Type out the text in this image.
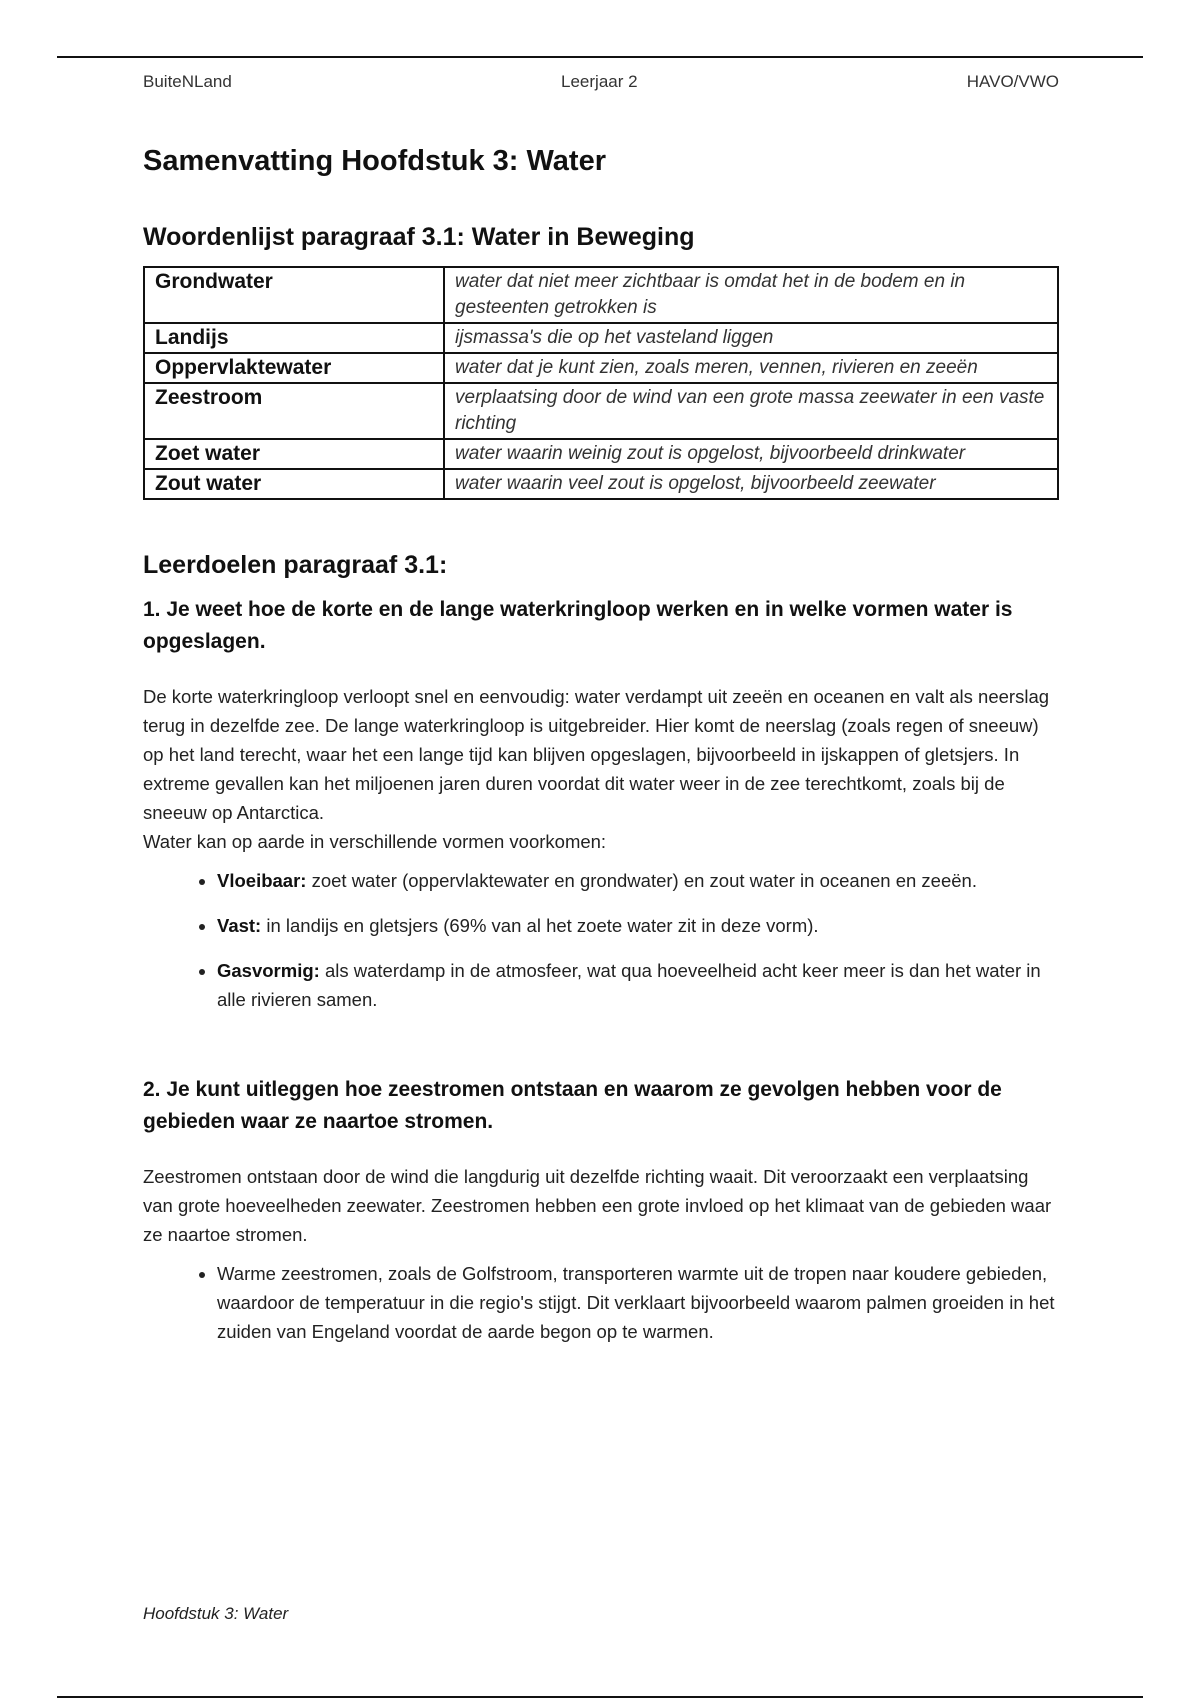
BuiteNLand	Leerjaar 2	HAVO/VWO
Samenvatting Hoofdstuk 3: Water
Woordenlijst paragraaf 3.1: Water in Beweging
Grondwater	water dat niet meer zichtbaar is omdat het in de bodem en in gesteenten getrokken is
Landijs	ijsmassa's die op het vasteland liggen
Oppervlaktewater	water dat je kunt zien, zoals meren, vennen, rivieren en zeeën
Zeestroom	verplaatsing door de wind van een grote massa zeewater in een vaste richting
Zoet water	water waarin weinig zout is opgelost, bijvoorbeeld drinkwater
Zout water	water waarin veel zout is opgelost, bijvoorbeeld zeewater
Leerdoelen paragraaf 3.1:
1. Je weet hoe de korte en de lange waterkringloop werken en in welke vormen water is opgeslagen.

De korte waterkringloop verloopt snel en eenvoudig: water verdampt uit zeeën en oceanen en valt als neerslag terug in dezelfde zee. De lange waterkringloop is uitgebreider. Hier komt de neerslag (zoals regen of sneeuw) op het land terecht, waar het een lange tijd kan blijven opgeslagen, bijvoorbeeld in ijskappen of gletsjers. In extreme gevallen kan het miljoenen jaren duren voordat dit water weer in de zee terechtkomt, zoals bij de sneeuw op Antarctica.

Water kan op aarde in verschillende vormen voorkomen:

• Vloeibaar: zoet water (oppervlaktewater en grondwater) en zout water in oceanen en zeeën.
• Vast: in landijs en gletsjers (69% van al het zoete water zit in deze vorm).
• Gasvormig: als waterdamp in de atmosfeer, wat qua hoeveelheid acht keer meer is dan het water in alle rivieren samen.
2. Je kunt uitleggen hoe zeestromen ontstaan en waarom ze gevolgen hebben voor de gebieden waar ze naartoe stromen.

Zeestromen ontstaan door de wind die langdurig uit dezelfde richting waait. Dit veroorzaakt een verplaatsing van grote hoeveelheden zeewater. Zeestromen hebben een grote invloed op het klimaat van de gebieden waar ze naartoe stromen.

• Warme zeestromen, zoals de Golfstroom, transporteren warmte uit de tropen naar koudere gebieden, waardoor de temperatuur in die regio's stijgt. Dit verklaart bijvoorbeeld waarom palmen groeiden in het zuiden van Engeland voordat de aarde begon op te warmen.
Hoofdstuk 3: Water
